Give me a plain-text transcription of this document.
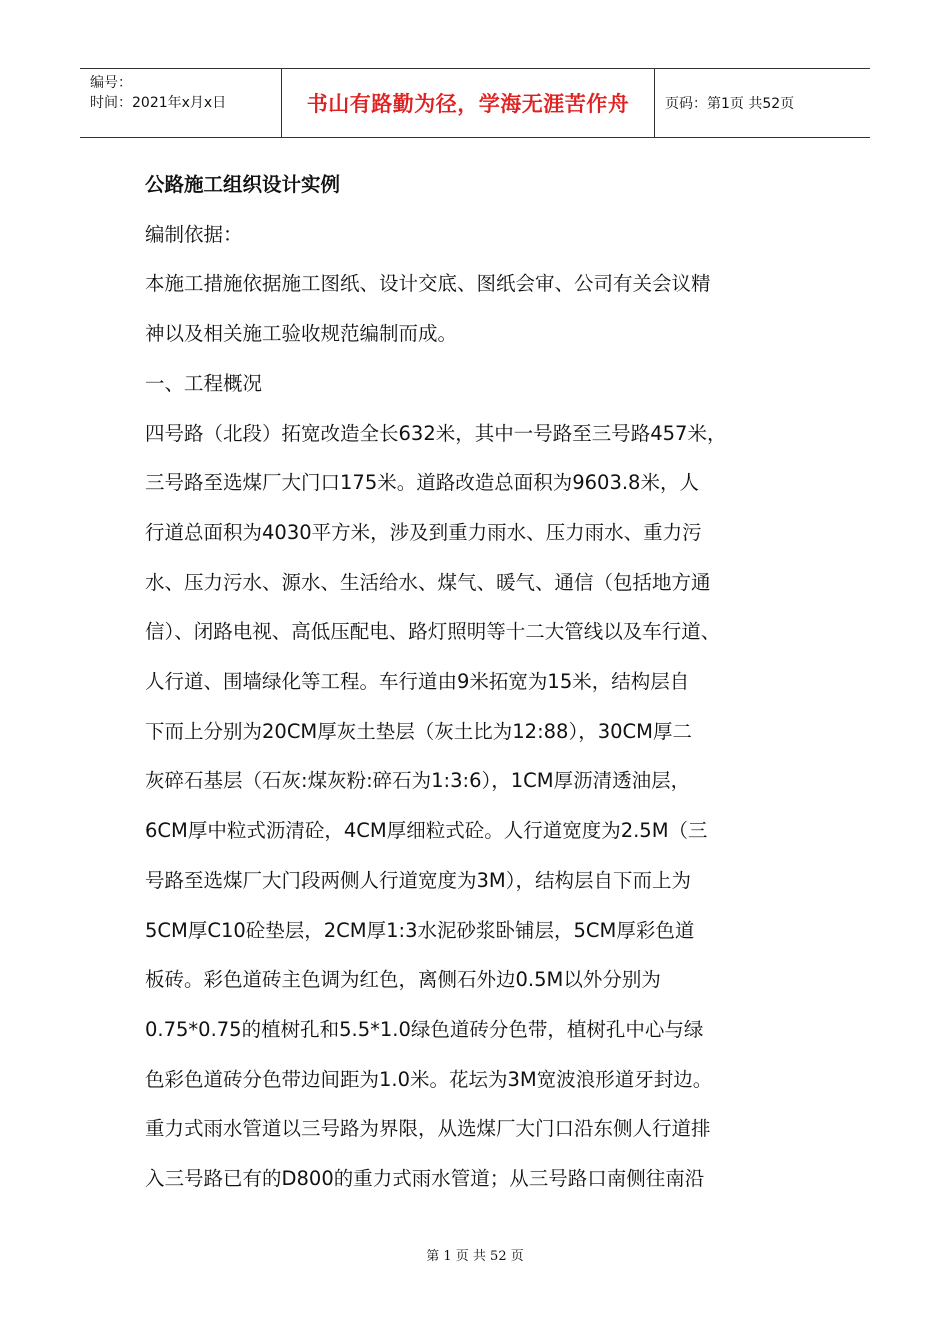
编号：
时间：2021年x月x日	书山有路勤为径，学海无涯苦作舟	页码：第1页 共52页

公路施工组织设计实例

编制依据：

本施工措施依据施工图纸、设计交底、图纸会审、公司有关会议精

神以及相关施工验收规范编制而成。

一、工程概况

四号路（北段）拓宽改造全长632米，其中一号路至三号路457米，

三号路至选煤厂大门口175米。道路改造总面积为9603.8米，人

行道总面积为4030平方米，涉及到重力雨水、压力雨水、重力污

水、压力污水、源水、生活给水、煤气、暖气、通信（包括地方通

信）、闭路电视、高低压配电、路灯照明等十二大管线以及车行道、

人行道、围墙绿化等工程。车行道由9米拓宽为15米，结构层自

下而上分别为20CM厚灰土垫层（灰土比为12:88），30CM厚二

灰碎石基层（石灰:煤灰粉:碎石为1:3:6），1CM厚沥清透油层，

6CM厚中粒式沥清砼，4CM厚细粒式砼。人行道宽度为2.5M（三

号路至选煤厂大门段两侧人行道宽度为3M），结构层自下而上为

5CM厚C10砼垫层，2CM厚1:3水泥砂浆卧铺层，5CM厚彩色道

板砖。彩色道砖主色调为红色，离侧石外边0.5M以外分别为

0.75*0.75的植树孔和5.5*1.0绿色道砖分色带，植树孔中心与绿

色彩色道砖分色带边间距为1.0米。花坛为3M宽波浪形道牙封边。

重力式雨水管道以三号路为界限，从选煤厂大门口沿东侧人行道排

入三号路已有的D800的重力式雨水管道；从三号路口南侧往南沿

第 1 页 共 52 页
